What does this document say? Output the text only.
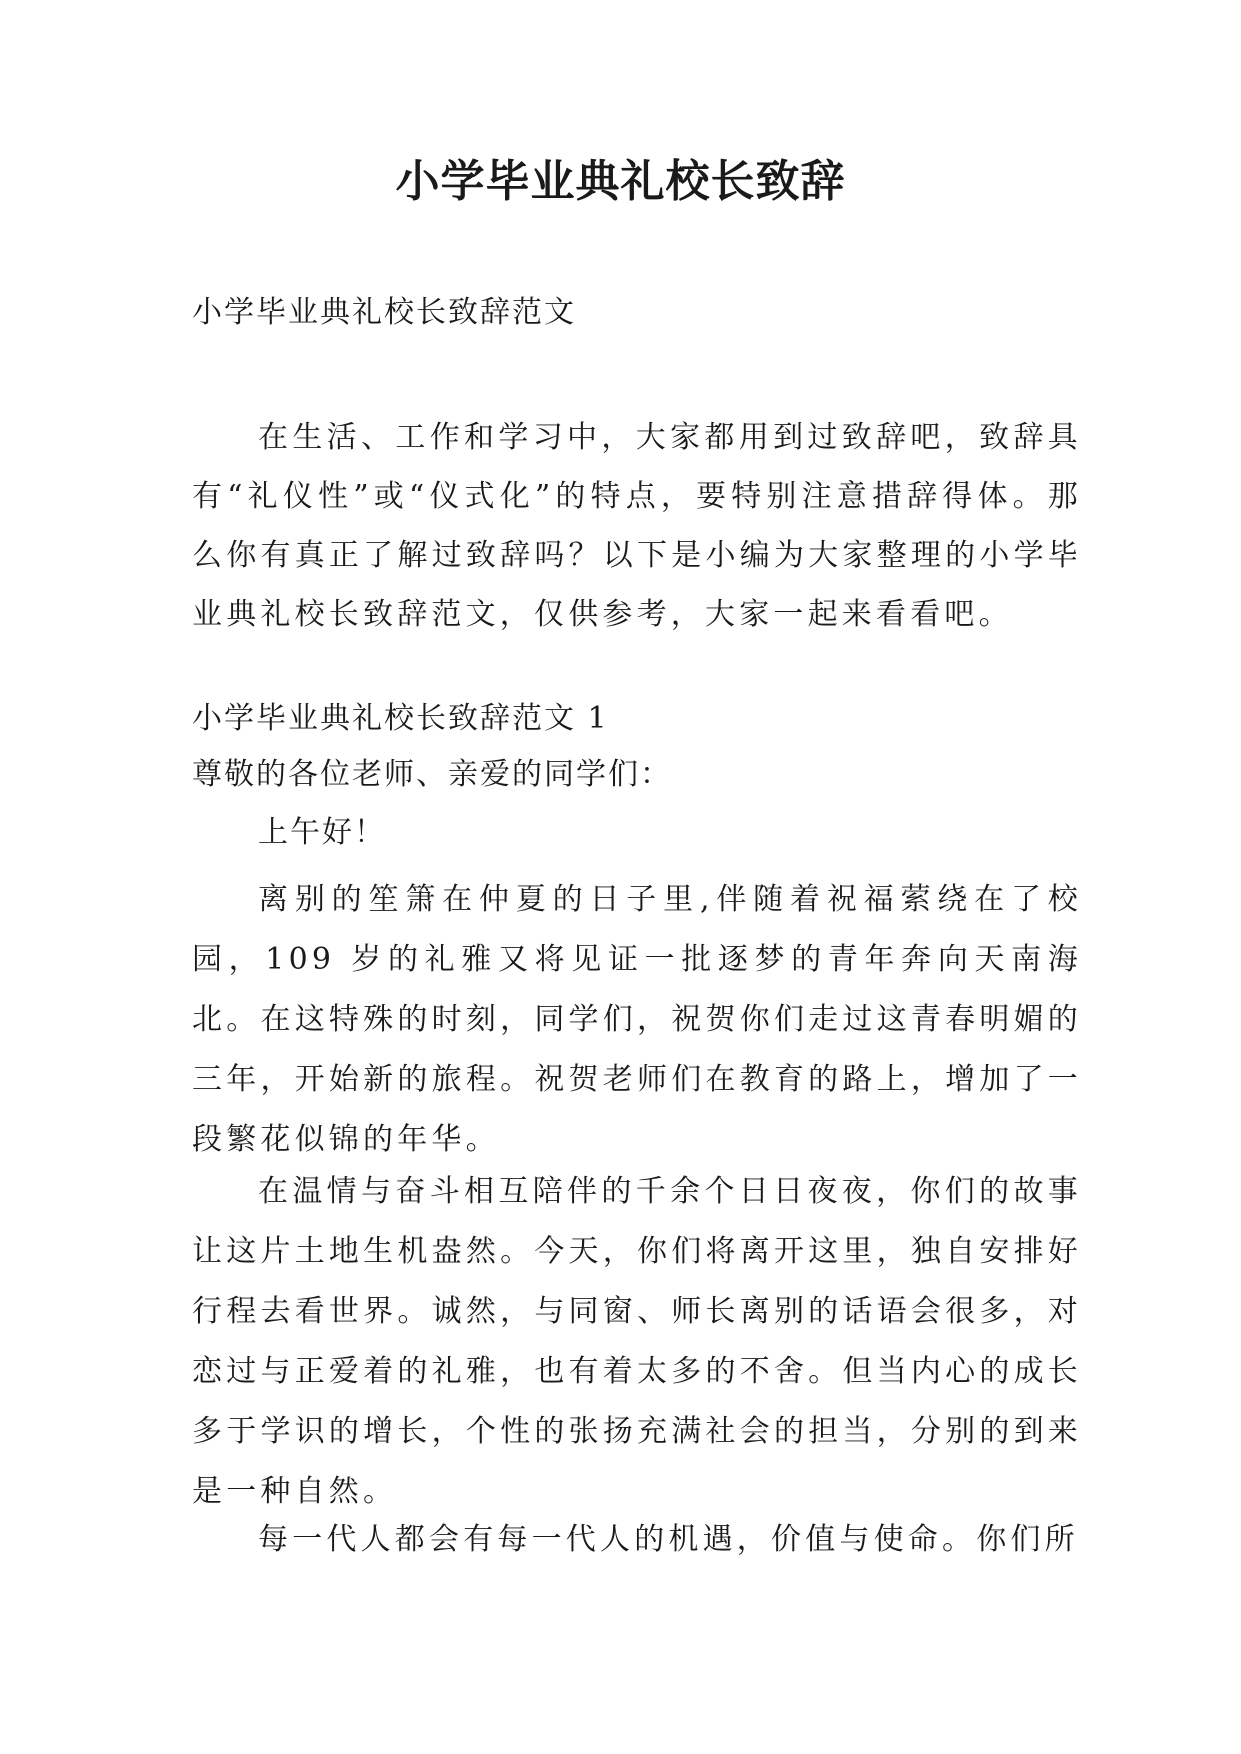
小学毕业典礼校长致辞

小学毕业典礼校长致辞范文

在生活、工作和学习中，大家都用到过致辞吧，致辞具有“礼仪性”或“仪式化”的特点，要特别注意措辞得体。那么你有真正了解过致辞吗？以下是小编为大家整理的小学毕业典礼校长致辞范文，仅供参考，大家一起来看看吧。

小学毕业典礼校长致辞范文 1

尊敬的各位老师、亲爱的同学们：

上午好！

离别的笙箫在仲夏的日子里,伴随着祝福萦绕在了校园，109 岁的礼雅又将见证一批逐梦的青年奔向天南海北。在这特殊的时刻，同学们，祝贺你们走过这青春明媚的三年，开始新的旅程。祝贺老师们在教育的路上，增加了一段繁花似锦的年华。

在温情与奋斗相互陪伴的千余个日日夜夜，你们的故事让这片土地生机盎然。今天，你们将离开这里，独自安排好行程去看世界。诚然，与同窗、师长离别的话语会很多，对恋过与正爱着的礼雅，也有着太多的不舍。但当内心的成长多于学识的增长，个性的张扬充满社会的担当，分别的到来是一种自然。

每一代人都会有每一代人的机遇，价值与使命。你们所
